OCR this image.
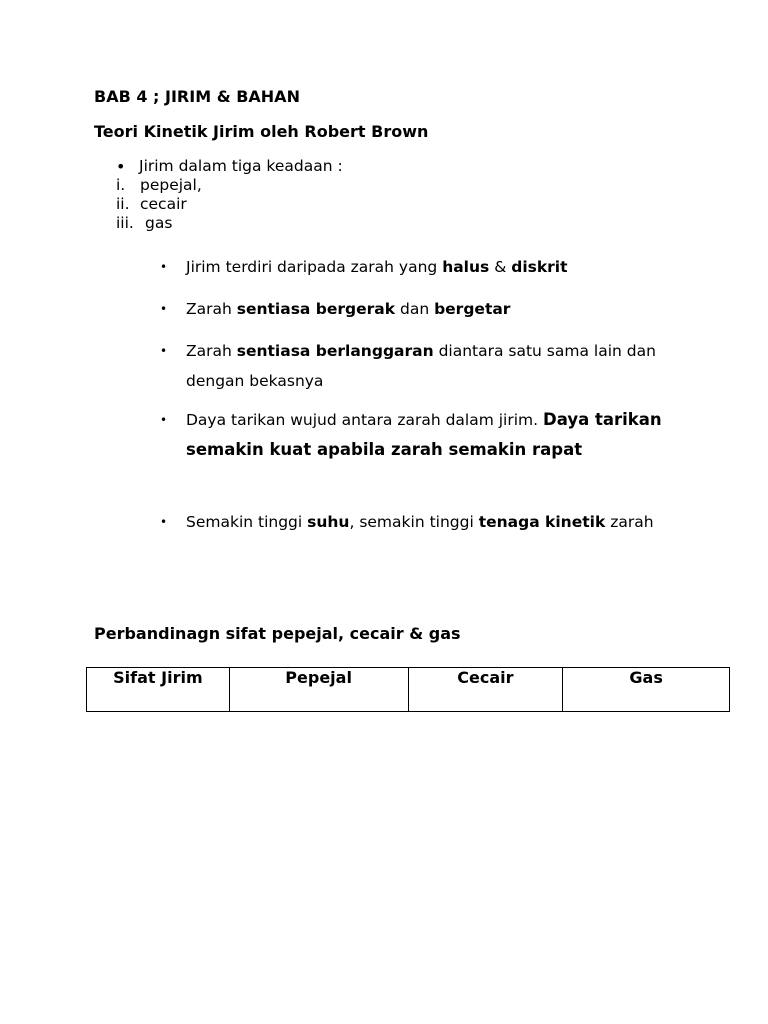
BAB 4 ; JIRIM & BAHAN
Teori Kinetik Jirim oleh Robert Brown
• Jirim dalam tiga keadaan :
i. pepejal,
ii. cecair
iii. gas
• Jirim terdiri daripada zarah yang halus & diskrit
• Zarah sentiasa bergerak dan bergetar
• Zarah sentiasa berlanggaran diantara satu sama lain dan dengan bekasnya
• Daya tarikan wujud antara zarah dalam jirim. Daya tarikan semakin kuat apabila zarah semakin rapat
• Semakin tinggi suhu, semakin tinggi tenaga kinetik zarah
Perbandinagn sifat pepejal, cecair & gas
Sifat Jirim	Pepejal	Cecair	Gas
